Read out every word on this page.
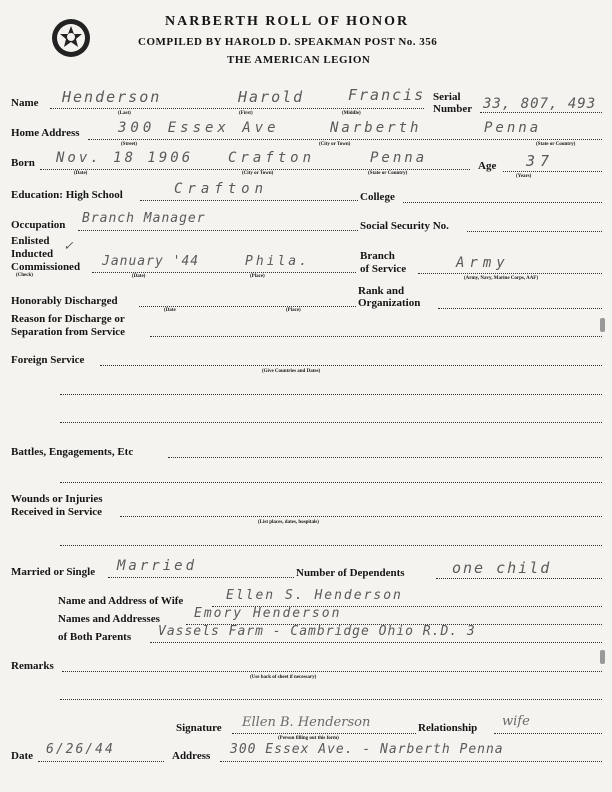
NARBERTH ROLL OF HONOR
COMPILED BY HAROLD D. SPEAKMAN POST No. 356
THE AMERICAN LEGION
Name Henderson	Harold	Francis
(Last)	(First)	(Middle)
Serial
Number 33, 807, 493
Home Address	300 Essex Ave	Narberth	Penna
(Street)	(City or Town)	(State or Country)
Born Nov. 18 1906 Crafton	Penna
(Date)	(City or Town)	(State or Country)
Age 37
(Years)
Education: High School	Crafton	College
Occupation Branch Manager	Social Security No.
Enlisted
Inducted ✓
Commissioned January '44	Phila.
(Check)	(Date)	(Place)
Branch
of Service	Army
(Army, Navy, Marine Corps, AAF)
Honorably Discharged
(Date	(Place)
Rank and
Organization
Reason for Discharge or
Separation from Service
Foreign Service
(Give Countries and Dates)
Battles, Engagements, Etc
Wounds or Injuries
Received in Service
(List places, dates, hospitals)
Married or Single Married	Number of Dependents	one child
Name and Address of Wife	Ellen S. Henderson
Names and Addresses	Emory Henderson
of Both Parents Vassels Farm - Cambridge Ohio R.D. 3
Remarks
(Use back of sheet if necessary)
Signature Ellen B. Henderson
(Person filling out this form)
Relationship wife
Date 6/26/44	Address 300 Essex Ave. - Narberth Penna
